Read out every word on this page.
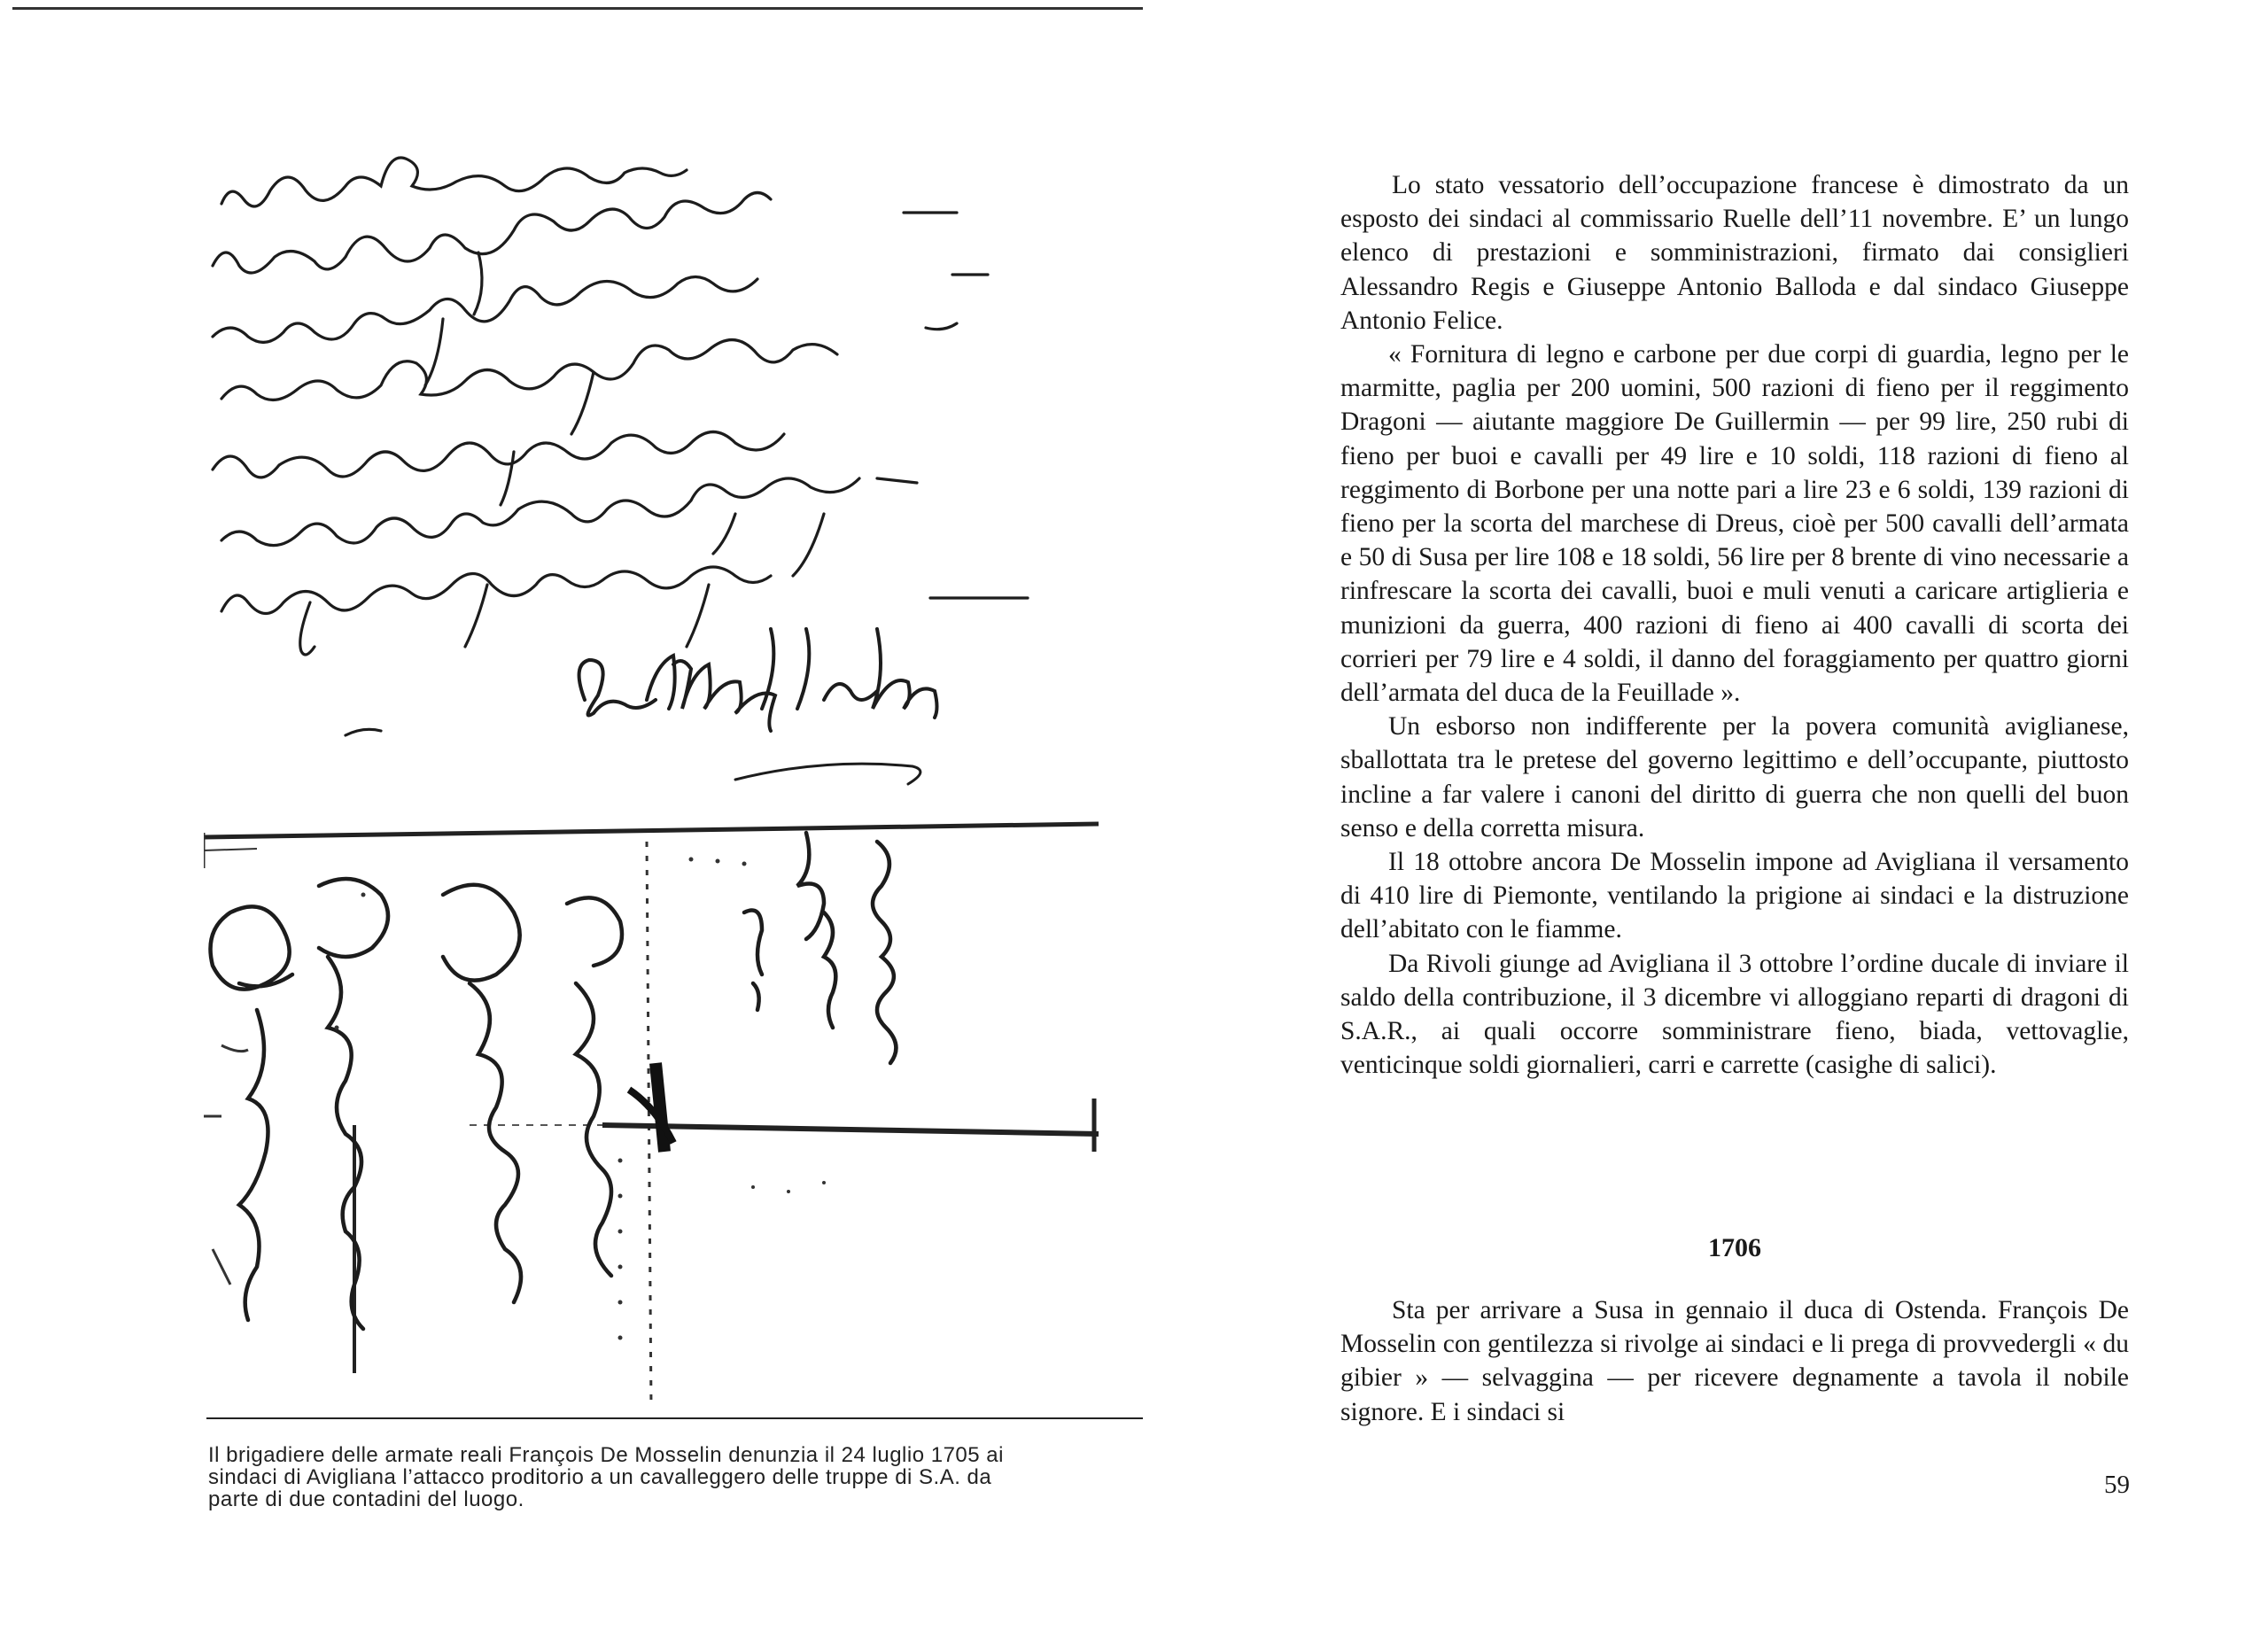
Il brigadiere delle armate reali François De Mosselin denunzia il 24 luglio 1705 ai sindaci di Avigliana l’attacco proditorio a un cavalleggero delle truppe di S.A. da parte di due contadini del luogo.

Lo stato vessatorio dell’occupazione francese è dimostrato da un esposto dei sindaci al commissario Ruelle dell’11 novembre. E’ un lungo elenco di prestazioni e somministrazioni, firmato dai consiglieri Alessandro Regis e Giuseppe Antonio Balloda e dal sindaco Giuseppe Antonio Felice.

« Fornitura di legno e carbone per due corpi di guardia, legno per le marmitte, paglia per 200 uomini, 500 razioni di fieno per il reggimento Dragoni — aiutante maggiore De Guillermin — per 99 lire, 250 rubi di fieno per buoi e cavalli per 49 lire e 10 soldi, 118 razioni di fieno al reggimento di Borbone per una notte pari a lire 23 e 6 soldi, 139 razioni di fieno per la scorta del marchese di Dreus, cioè per 500 cavalli dell’armata e 50 di Susa per lire 108 e 18 soldi, 56 lire per 8 brente di vino necessarie a rinfrescare la scorta dei cavalli, buoi e muli venuti a caricare artiglieria e munizioni da guerra, 400 razioni di fieno ai 400 cavalli di scorta dei corrieri per 79 lire e 4 soldi, il danno del foraggiamento per quattro giorni dell’armata del duca de la Feuillade ».

Un esborso non indifferente per la povera comunità aviglianese, sballottata tra le pretese del governo legittimo e dell’occupante, piuttosto incline a far valere i canoni del diritto di guerra che non quelli del buon senso e della corretta misura.

Il 18 ottobre ancora De Mosselin impone ad Avigliana il versamento di 410 lire di Piemonte, ventilando la prigione ai sindaci e la distruzione dell’abitato con le fiamme.

Da Rivoli giunge ad Avigliana il 3 ottobre l’ordine ducale di inviare il saldo della contribuzione, il 3 dicembre vi alloggiano reparti di dragoni di S.A.R., ai quali occorre somministrare fieno, biada, vettovaglie, venticinque soldi giornalieri, carri e carrette (casighe di salici).

1706

Sta per arrivare a Susa in gennaio il duca di Ostenda. François De Mosselin con gentilezza si rivolge ai sindaci e li prega di provvedergli « du gibier » — selvaggina — per ricevere degnamente a tavola il nobile signore. E i sindaci si

59
